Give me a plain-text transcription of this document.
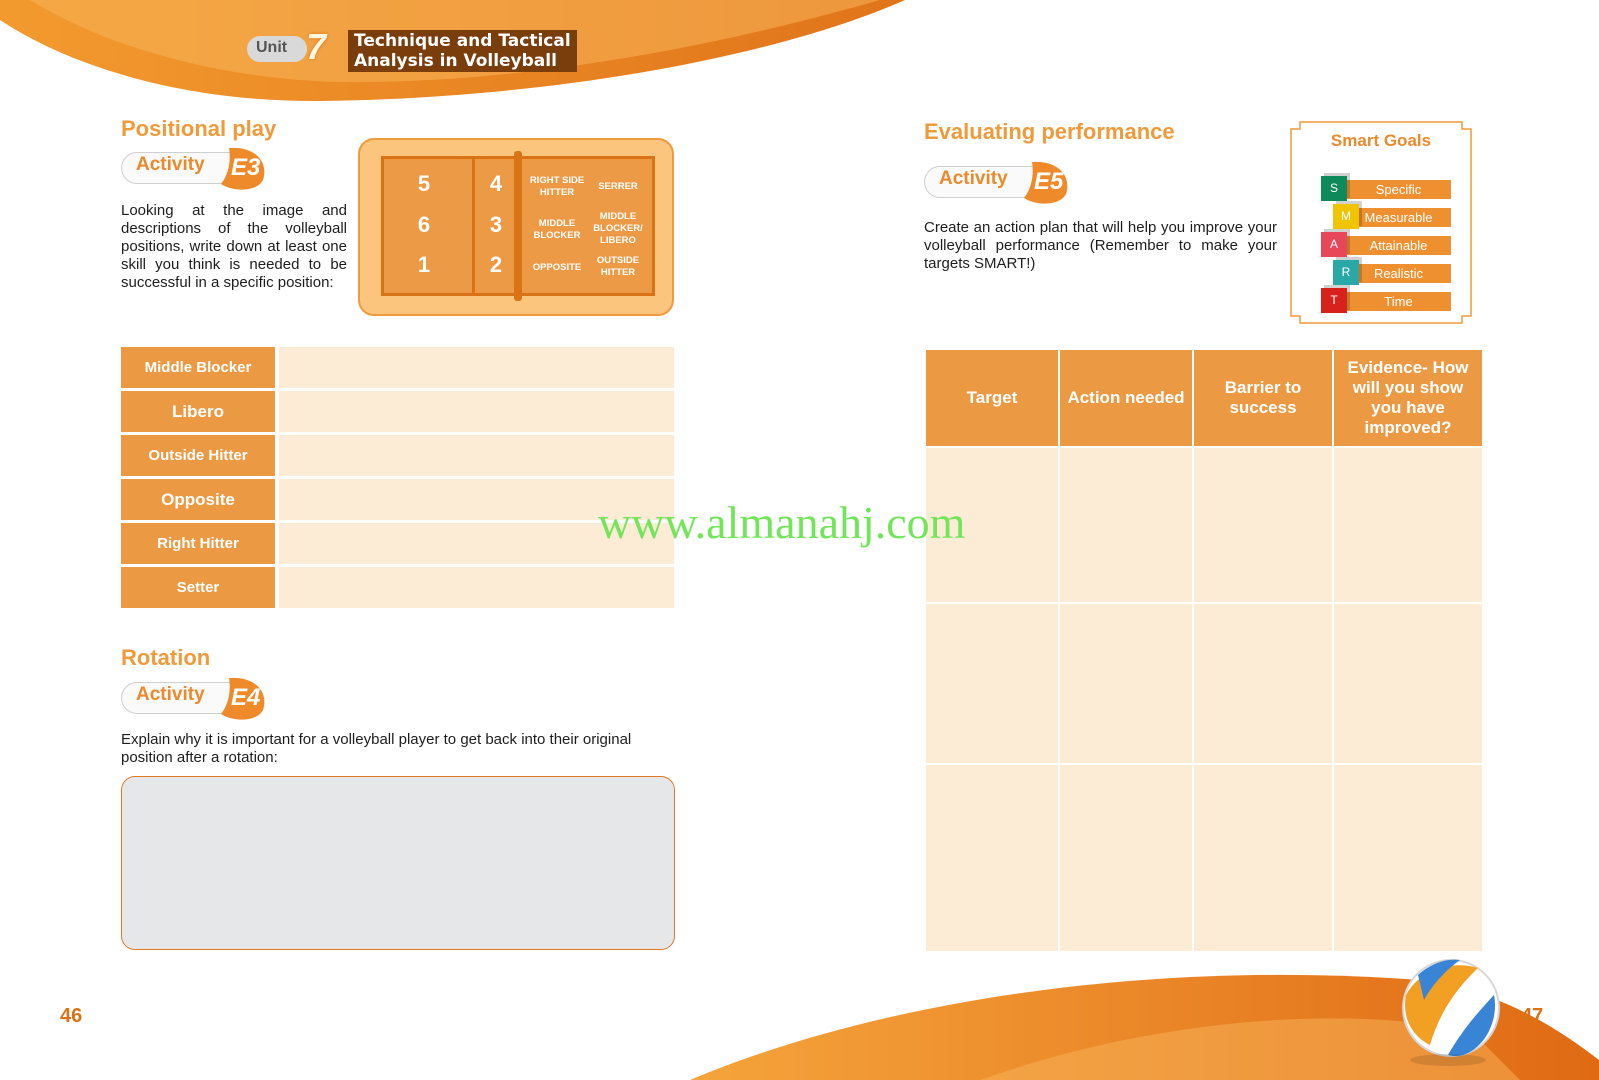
Unit 7 Technique and Tactical
Analysis in Volleyball
Positional play
Activity E3
Looking at the image and descriptions of the volleyball positions, write down at least one skill you think is needed to be successful in a specific position:
5	4
6	3
1	2
RIGHT SIDE HITTER
SERRER
MIDDLE BLOCKER
MIDDLE BLOCKER/ LIBERO
OPPOSITE
OUTSIDE HITTER
Middle Blocker
Libero
Outside Hitter
Opposite
Right Hitter
Setter
Rotation
Activity E4
Explain why it is important for a volleyball player to get back into their original position after a rotation:
Evaluating performance
Activity E5
Create an action plan that will help you improve your volleyball performance (Remember to make your targets SMART!)
Smart Goals
Specific
S
Measurable
M
Attainable
A
Realistic
R
Time
T
Target	Action needed	Barrier to success	Evidence- How will you show you have improved?

www.almanahj.com
46	47
